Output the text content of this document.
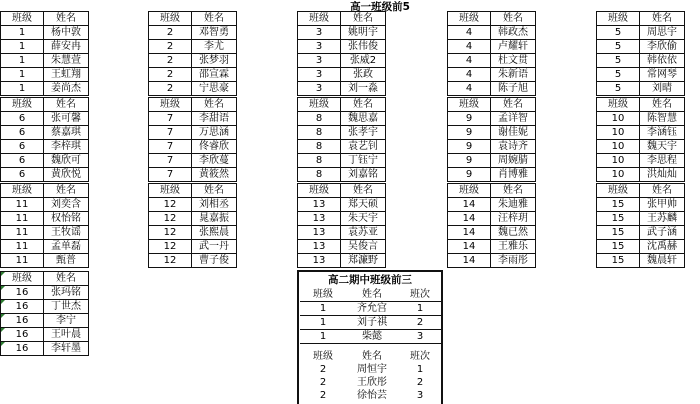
高一班级前5
班级	姓名
1	杨中敦
1	薛安冉
1	朱慧萱
1	王虹翔
1	姜尚杰
班级	姓名
2	邓智勇
2	李尤
2	张梦羽
2	邵宣霖
2	宁思豪
班级	姓名
3	姚明宇
3	张伟俊
3	张威2
3	张政
3	刘一淼
班级	姓名
4	韩政杰
4	卢耀轩
4	杜文贯
4	朱新语
4	陈子旭
班级	姓名
5	周思宇
5	李欣偷
5	韩依依
5	常网琴
5	刘晴
班级	姓名
6	张可馨
6	蔡嘉琪
6	李梓琪
6	魏欣可
6	黄欣悦
班级	姓名
7	李甜语
7	万思涵
7	佟睿欣
7	李欣蔓
7	黄筱然
班级	姓名
8	魏思嘉
8	张孝宇
8	袁艺钊
8	丁钰宁
8	刘嘉铭
班级	姓名
9	孟详智
9	谢佳妮
9	袁诗齐
9	周婉腈
9	肖博雅
班级	姓名
10	陈智慧
10	李涵钰
10	魏天宇
10	李思程
10	洪灿灿
班级	姓名
11	刘奕含
11	权怡铭
11	王牧谣
11	孟单磊
11	甄普
班级	姓名
12	刘相丞
12	晁嘉振
12	张熙晨
12	武一丹
12	曹子俊
班级	姓名
13	郑天硕
13	朱天宇
13	袁苏亚
13	吴俊言
13	郑濂野
班级	姓名
14	朱迪雅
14	汪梓玥
14	魏已然
14	王雅乐
14	李雨彤
班级	姓名
15	张甲帅
15	王苏麟
15	武子涵
15	沈禹赫
15	魏晨轩
班级	姓名
16	张玛铭
16	丁世杰
16	李宁
16	王叶晨
16	李轩墨
高二期中班级前三
班级	姓名	班次
1	齐允宫	1
1	刘子祺	2
1	柴懿	3
班级	姓名	班次
2	周恒宇	1
2	王欣彤	2
2	徐怡芸	3
